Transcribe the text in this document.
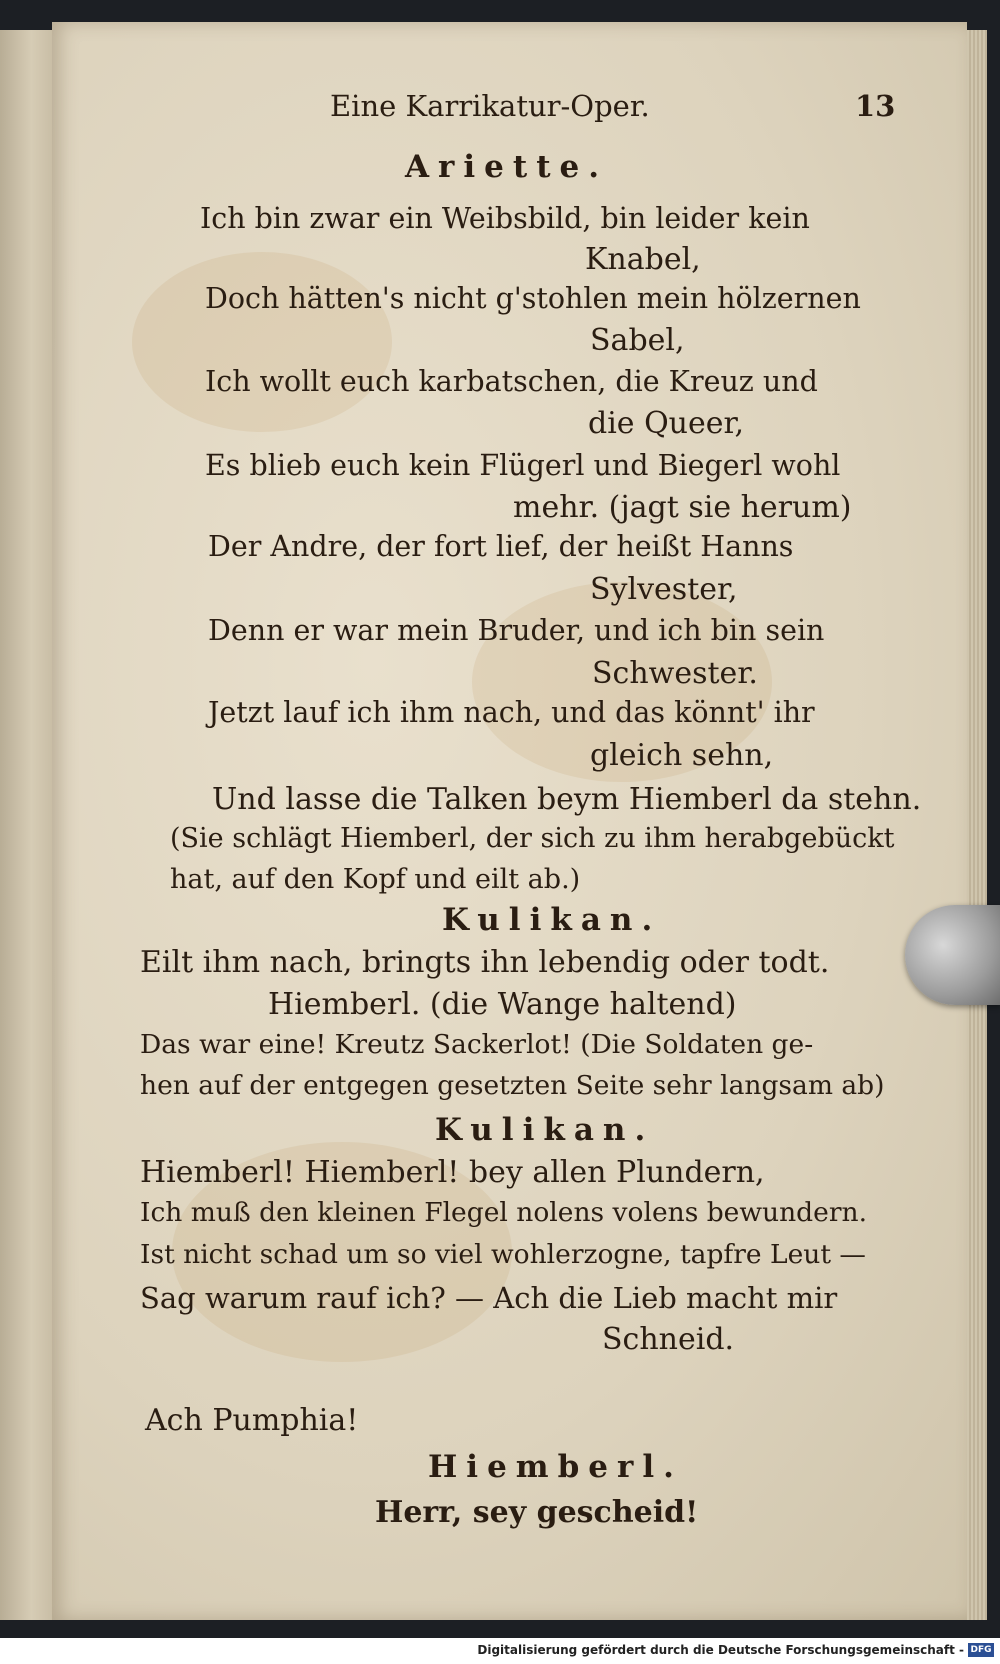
Eine Karrikatur-Oper.	13
Ariette.
Ich bin zwar ein Weibsbild, bin leider kein
Knabel,
Doch hätten's nicht g'stohlen mein hölzernen
Sabel,
Ich wollt euch karbatschen, die Kreuz und
die Queer,
Es blieb euch kein Flügerl und Biegerl wohl
mehr. (jagt sie herum)
Der Andre, der fort lief, der heißt Hanns
Sylvester,
Denn er war mein Bruder, und ich bin sein
Schwester.
Jetzt lauf ich ihm nach, und das könnt' ihr
gleich sehn,
Und lasse die Talken beym Hiemberl da stehn.
(Sie schlägt Hiemberl, der sich zu ihm herabgebückt
hat, auf den Kopf und eilt ab.)
Kulikan.
Eilt ihm nach, bringts ihn lebendig oder todt.
Hiemberl. (die Wange haltend)
Das war eine! Kreutz Sackerlot! (Die Soldaten ge-
hen auf der entgegen gesetzten Seite sehr langsam ab)
Kulikan.
Hiemberl! Hiemberl! bey allen Plundern,
Ich muß den kleinen Flegel nolens volens bewundern.
Ist nicht schad um so viel wohlerzogne, tapfre Leut —
Sag warum rauf ich? — Ach die Lieb macht mir
Schneid.
Ach Pumphia!
Hiemberl.
Herr, sey gescheid!
Digitalisierung gefördert durch die Deutsche Forschungsgemeinschaft - DFG
